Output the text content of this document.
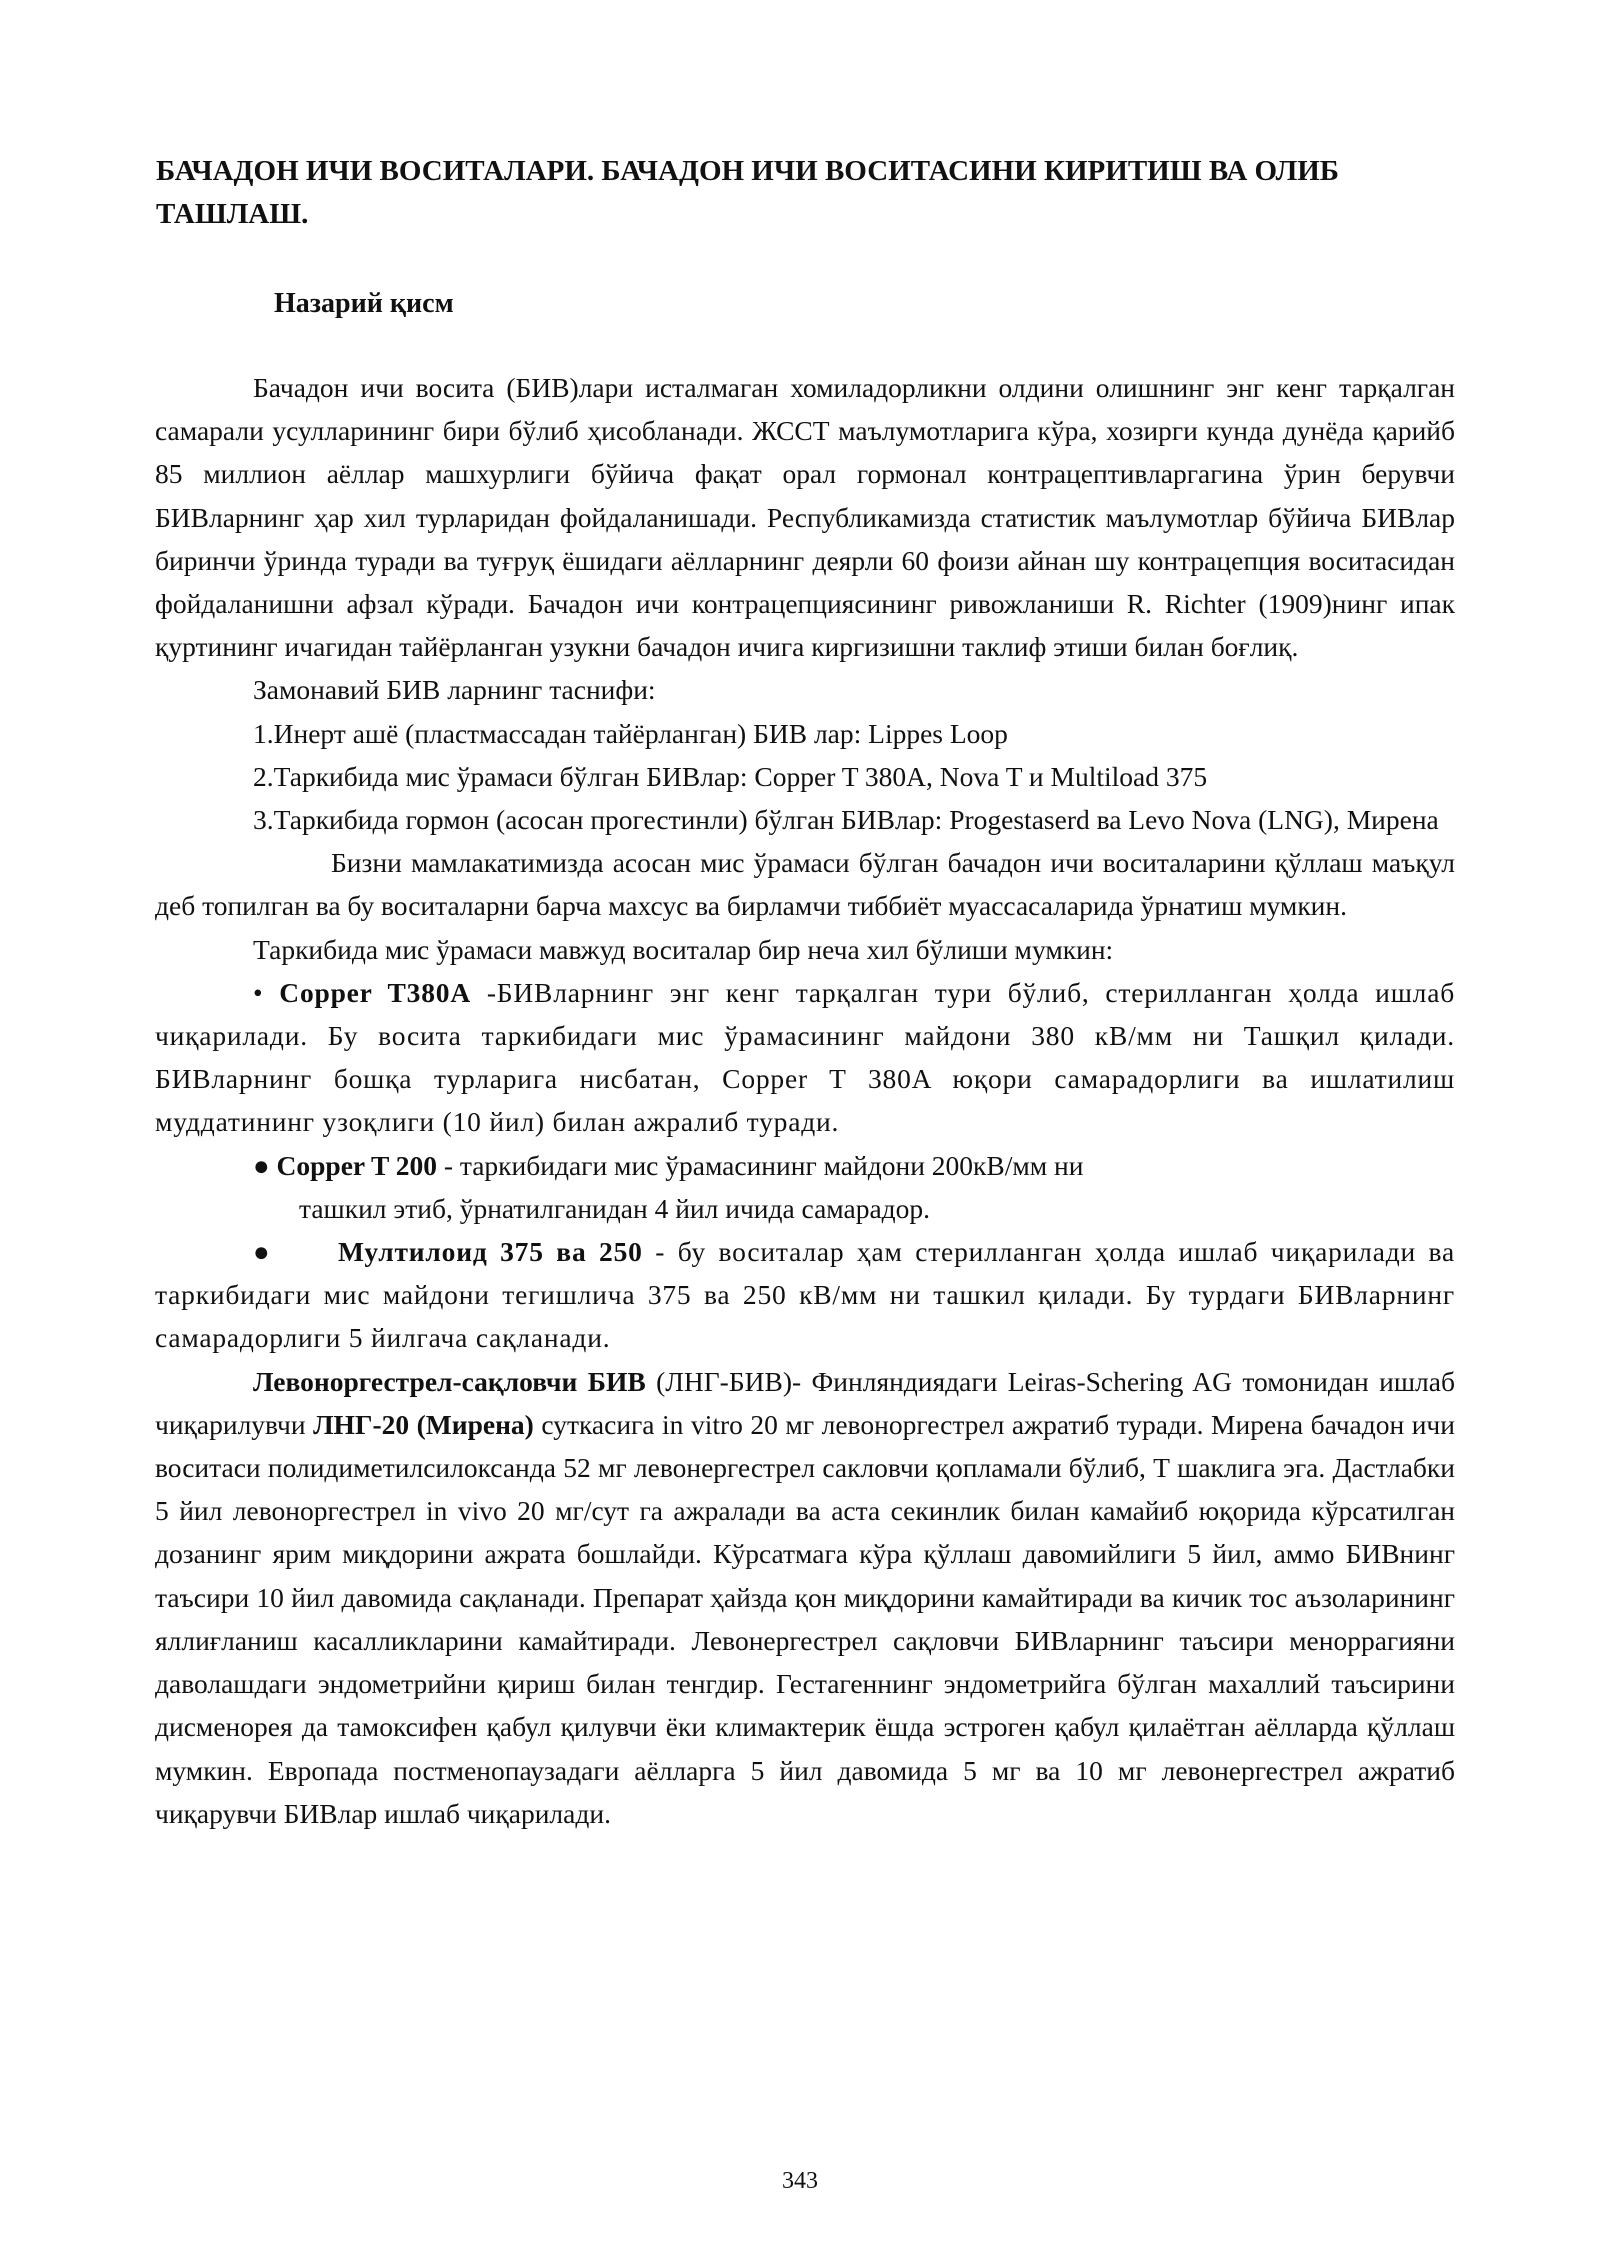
БАЧАДОН ИЧИ ВОСИТАЛАРИ. БАЧАДОН ИЧИ ВОСИТАСИНИ КИРИТИШ ВА ОЛИБ ТАШЛАШ.
Назарий қисм

Бачадон ичи восита (БИВ)лари исталмаган хомиладорликни олдини олишнинг энг кенг тарқалган самарали усулларининг бири бўлиб ҳисобланади. ЖССТ маълумотларига кўра, хозирги кунда дунёда қарийб 85 миллион аёллар машхурлиги бўйича фақат орал гормонал контрацептивларгагина ўрин берувчи БИВларнинг ҳар хил турларидан фойдаланишади. Республикамизда статистик маълумотлар бўйича БИВлар биринчи ўринда туради ва туғруқ ёшидаги аёлларнинг деярли 60 фоизи айнан шу контрацепция воситасидан фойдаланишни афзал кўради. Бачадон ичи контрацепциясининг ривожланиши R. Richter (1909)нинг ипак қуртининг ичагидан тайёрланган узукни бачадон ичига киргизишни таклиф этиши билан боғлиқ.

Замонавий БИВ ларнинг таснифи:

1.Инерт ашё (пластмассадан тайёрланган) БИВ лар: Lippes Loop

2.Таркибида мис ўрамаси бўлган БИВлар: Copper T 380A, Nova T и Multiload 375

3.Таркибида гормон (асосан прогестинли) бўлган БИВлар: Progestaserd ва Levo Nova (LNG), Мирена

Бизни мамлакатимизда асосан мис ўрамаси бўлган бачадон ичи воситаларини қўллаш маъқул деб топилган ва бу воситаларни барча махсус ва бирламчи тиббиёт муассасаларида ўрнатиш мумкин.

Таркибида мис ўрамаси мавжуд воситалар бир неча хил бўлиши мумкин:

• Copper T380A -БИВларнинг энг кенг тарқалган тури бўлиб, стерилланган ҳолда ишлаб чиқарилади. Бу восита таркибидаги мис ўрамасининг майдони 380 кВ/мм ни Ташқил қилади. БИВларнинг бошқа турларига нисбатан, Copper T 380A юқори самарадорлиги ва ишлатилиш муддатининг узоқлиги (10 йил) билан ажралиб туради.

● Copper T 200 - таркибидаги мис ўрамасининг майдони 200кВ/мм ни

ташкил этиб, ўрнатилганидан 4 йил ичида самарадор.

● Мултилоид 375 ва 250 - бу воситалар ҳам стерилланган ҳолда ишлаб чиқарилади ва таркибидаги мис майдони тегишлича 375 ва 250 кВ/мм ни ташкил қилади. Бу турдаги БИВларнинг самарадорлиги 5 йилгача сақланади.

Левоноргестрел-сақловчи БИВ (ЛНГ-БИВ)- Финляндиядаги Leiras-Schering AG томонидан ишлаб чиқарилувчи ЛНГ-20 (Мирена) суткасига in vitro 20 мг левоноргестрел ажратиб туради. Мирена бачадон ичи воситаси полидиметилсилоксанда 52 мг левонергестрел сакловчи қопламали бўлиб, Т шаклига эга. Дастлабки 5 йил левоноргестрел in vivo 20 мг/сут га ажралади ва аста секинлик билан камайиб юқорида кўрсатилган дозанинг ярим миқдорини ажрата бошлайди. Кўрсатмага кўра қўллаш давомийлиги 5 йил, аммо БИВнинг таъсири 10 йил давомида сақланади. Препарат ҳайзда қон миқдорини камайтиради ва кичик тос аъзоларининг яллиғланиш касалликларини камайтиради. Левонергестрел сақловчи БИВларнинг таъсири меноррагияни даволашдаги эндометрийни қириш билан тенгдир. Гестагеннинг эндометрийга бўлган махаллий таъсирини дисменорея да тамоксифен қабул қилувчи ёки климактерик ёшда эстроген қабул қилаётган аёлларда қўллаш мумкин. Европада постменопаузадаги аёлларга 5 йил давомида 5 мг ва 10 мг левонергестрел ажратиб чиқарувчи БИВлар ишлаб чиқарилади.

343
